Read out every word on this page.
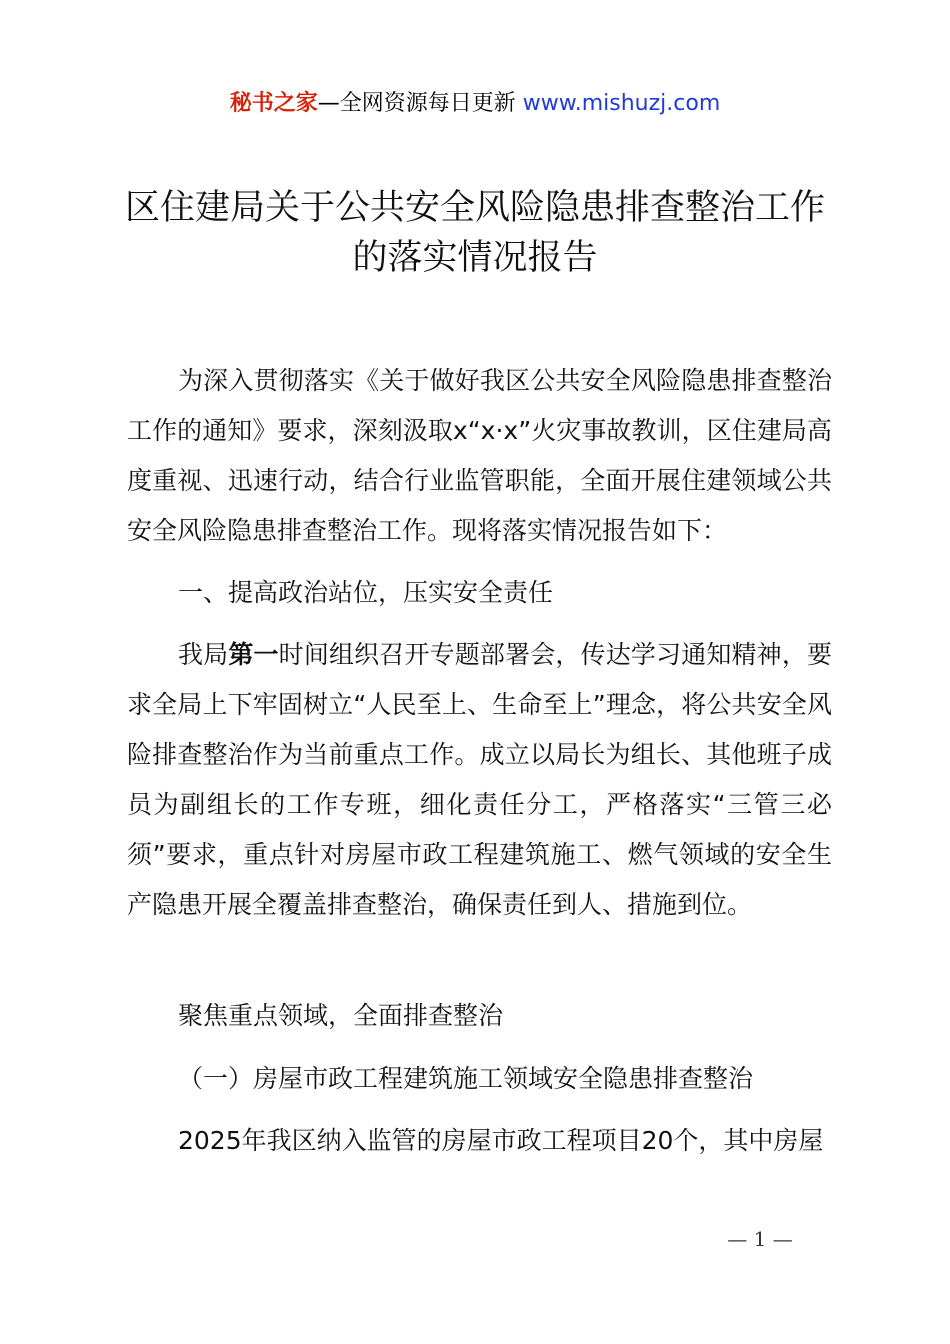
秘书之家—全网资源每日更新 www.mishuzj.com
区住建局关于公共安全风险隐患排查整治工作
的落实情况报告

为深入贯彻落实《关于做好我区公共安全风险隐患排查整治工作的通知》要求，深刻汲取x“x·x”火灾事故教训，区住建局高度重视、迅速行动，结合行业监管职能，全面开展住建领域公共安全风险隐患排查整治工作。现将落实情况报告如下：

一、提高政治站位，压实安全责任

我局第一时间组织召开专题部署会，传达学习通知精神，要求全局上下牢固树立“人民至上、生命至上”理念，将公共安全风险排查整治作为当前重点工作。成立以局长为组长、其他班子成员为副组长的工作专班，细化责任分工，严格落实“三管三必须”要求，重点针对房屋市政工程建筑施工、燃气领域的安全生产隐患开展全覆盖排查整治，确保责任到人、措施到位。

聚焦重点领域，全面排查整治
（一）房屋市政工程建筑施工领域安全隐患排查整治
2025年我区纳入监管的房屋市政工程项目20个，其中房屋
— 1 —
